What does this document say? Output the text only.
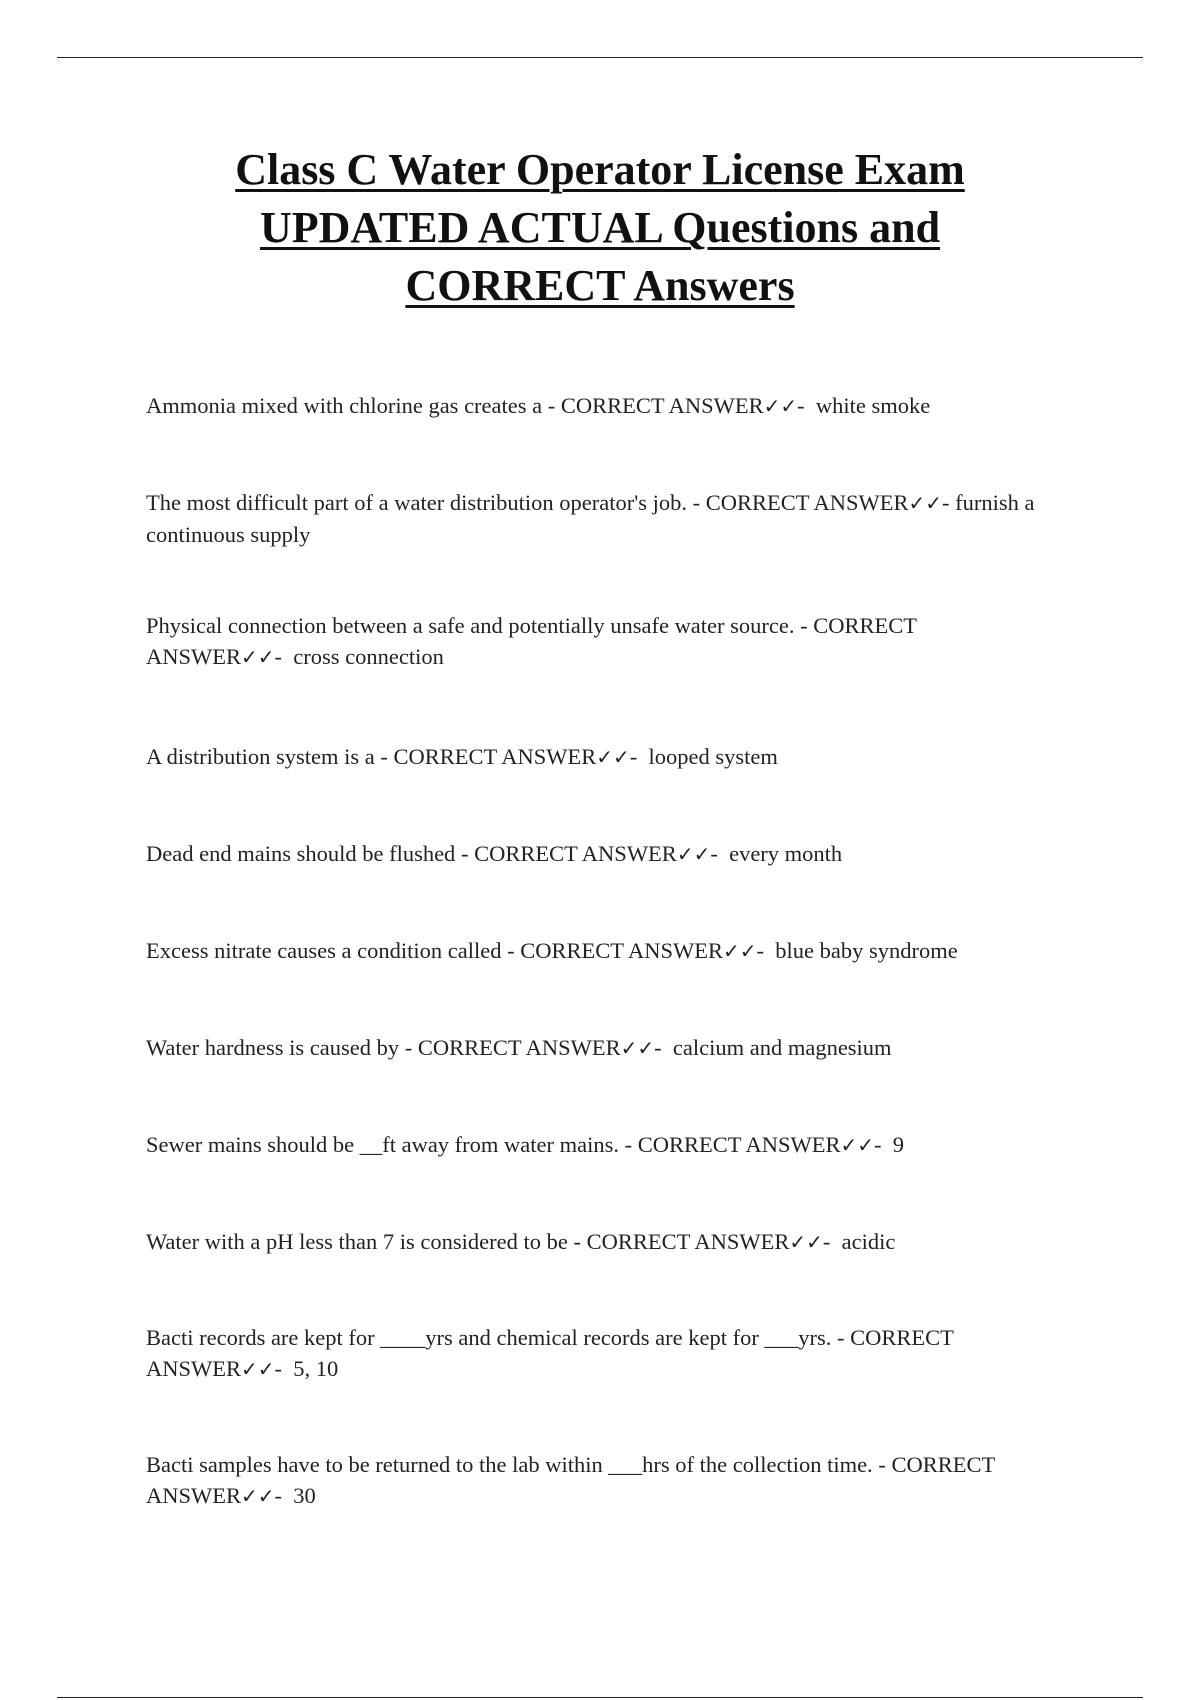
Class C Water Operator License Exam
UPDATED ACTUAL Questions and
CORRECT Answers

Ammonia mixed with chlorine gas creates a - CORRECT ANSWER✓✓-  white smoke

The most difficult part of a water distribution operator's job. - CORRECT ANSWER✓✓- furnish a continuous supply

Physical connection between a safe and potentially unsafe water source. - CORRECT ANSWER✓✓-  cross connection

A distribution system is a - CORRECT ANSWER✓✓-  looped system

Dead end mains should be flushed - CORRECT ANSWER✓✓-  every month

Excess nitrate causes a condition called - CORRECT ANSWER✓✓-  blue baby syndrome

Water hardness is caused by - CORRECT ANSWER✓✓-  calcium and magnesium

Sewer mains should be __ft away from water mains. - CORRECT ANSWER✓✓-  9

Water with a pH less than 7 is considered to be - CORRECT ANSWER✓✓-  acidic

Bacti records are kept for ____yrs and chemical records are kept for ___yrs. - CORRECT ANSWER✓✓-  5, 10

Bacti samples have to be returned to the lab within ___hrs of the collection time. - CORRECT ANSWER✓✓-  30
